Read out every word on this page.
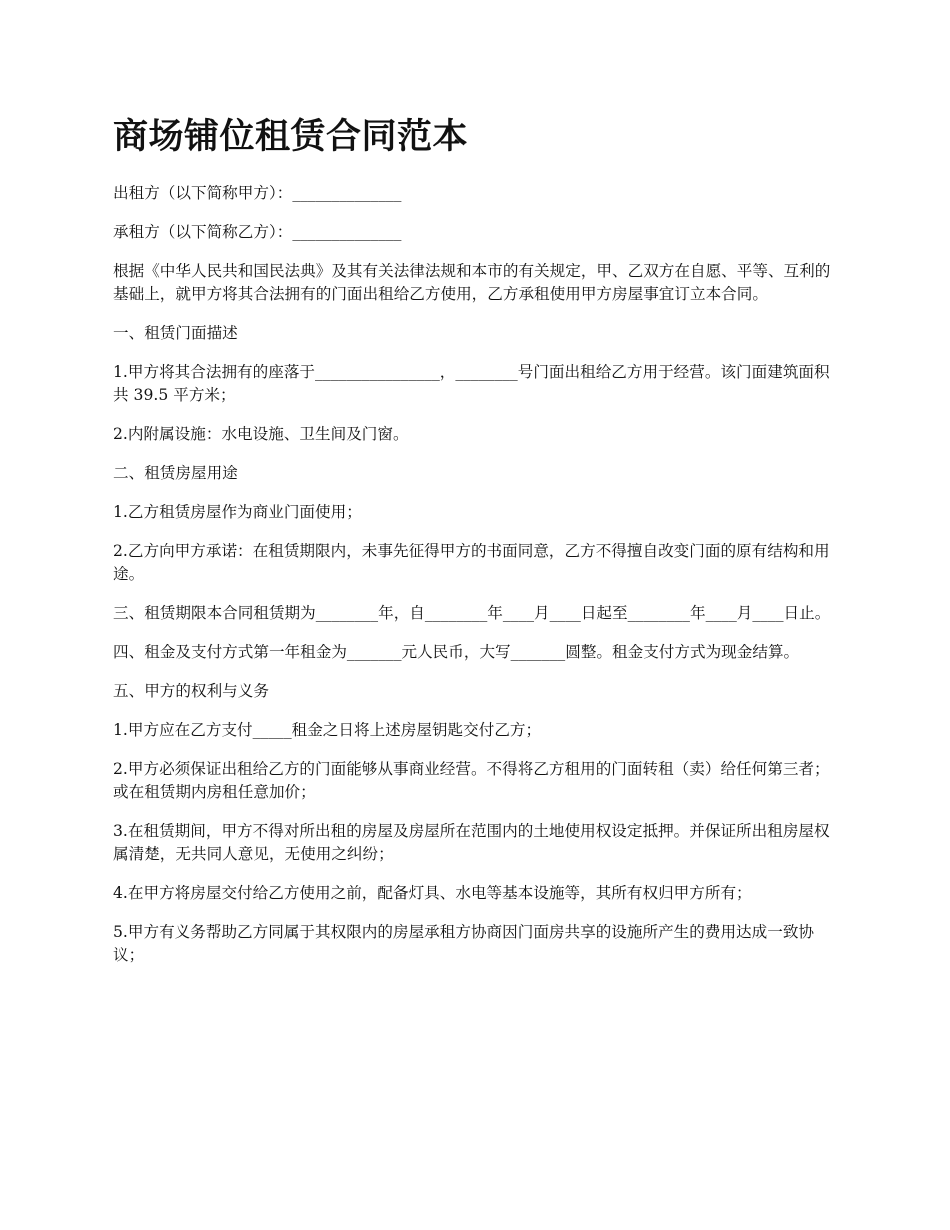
商场铺位租赁合同范本

出租方（以下简称甲方）：______________

承租方（以下简称乙方）：______________

根据《中华人民共和国民法典》及其有关法律法规和本市的有关规定，甲、乙双方在自愿、平等、互利的基础上，就甲方将其合法拥有的门面出租给乙方使用，乙方承租使用甲方房屋事宜订立本合同。

一、租赁门面描述

1.甲方将其合法拥有的座落于________________，________号门面出租给乙方用于经营。该门面建筑面积共 39.5 平方米；

2.内附属设施：水电设施、卫生间及门窗。

二、租赁房屋用途

1.乙方租赁房屋作为商业门面使用；

2.乙方向甲方承诺：在租赁期限内，未事先征得甲方的书面同意，乙方不得擅自改变门面的原有结构和用途。

三、租赁期限本合同租赁期为________年，自________年____月____日起至________年____月____日止。

四、租金及支付方式第一年租金为_______元人民币，大写_______圆整。租金支付方式为现金结算。

五、甲方的权利与义务

1.甲方应在乙方支付_____租金之日将上述房屋钥匙交付乙方；

2.甲方必须保证出租给乙方的门面能够从事商业经营。不得将乙方租用的门面转租（卖）给任何第三者；或在租赁期内房租任意加价；

3.在租赁期间，甲方不得对所出租的房屋及房屋所在范围内的土地使用权设定抵押。并保证所出租房屋权属清楚，无共同人意见，无使用之纠纷；

4.在甲方将房屋交付给乙方使用之前，配备灯具、水电等基本设施等，其所有权归甲方所有；

5.甲方有义务帮助乙方同属于其权限内的房屋承租方协商因门面房共享的设施所产生的费用达成一致协议；
